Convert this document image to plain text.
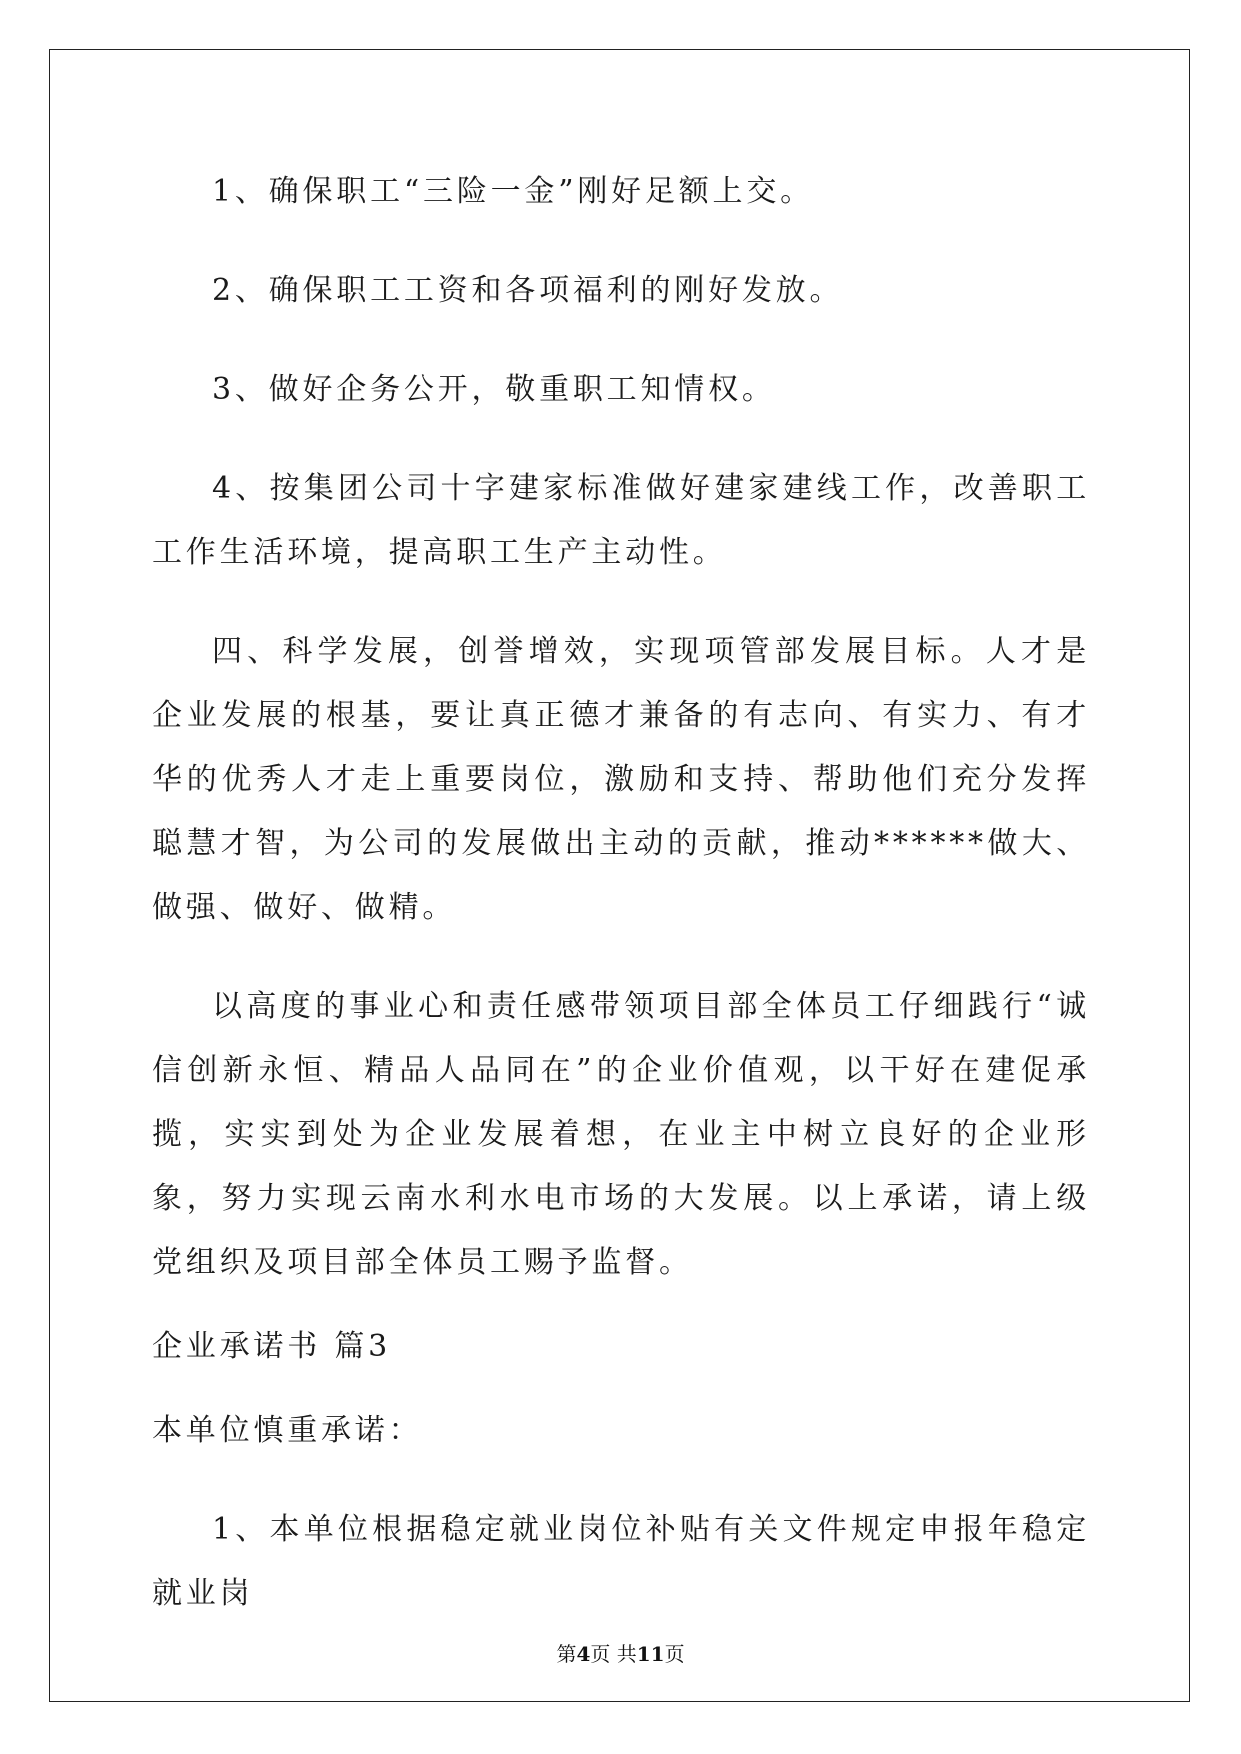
1、确保职工“三险一金”刚好足额上交。

2、确保职工工资和各项福利的刚好发放。

3、做好企务公开，敬重职工知情权。

4、按集团公司十字建家标准做好建家建线工作，改善职工工作生活环境，提高职工生产主动性。

四、科学发展，创誉增效，实现项管部发展目标。人才是企业发展的根基，要让真正德才兼备的有志向、有实力、有才华的优秀人才走上重要岗位，激励和支持、帮助他们充分发挥聪慧才智，为公司的发展做出主动的贡献，推动******做大、做强、做好、做精。

以高度的事业心和责任感带领项目部全体员工仔细践行“诚信创新永恒、精品人品同在”的企业价值观，以干好在建促承揽，实实到处为企业发展着想，在业主中树立良好的企业形象，努力实现云南水利水电市场的大发展。以上承诺，请上级党组织及项目部全体员工赐予监督。

企业承诺书 篇3

本单位慎重承诺：

1、本单位根据稳定就业岗位补贴有关文件规定申报年稳定就业岗

第4页 共11页
